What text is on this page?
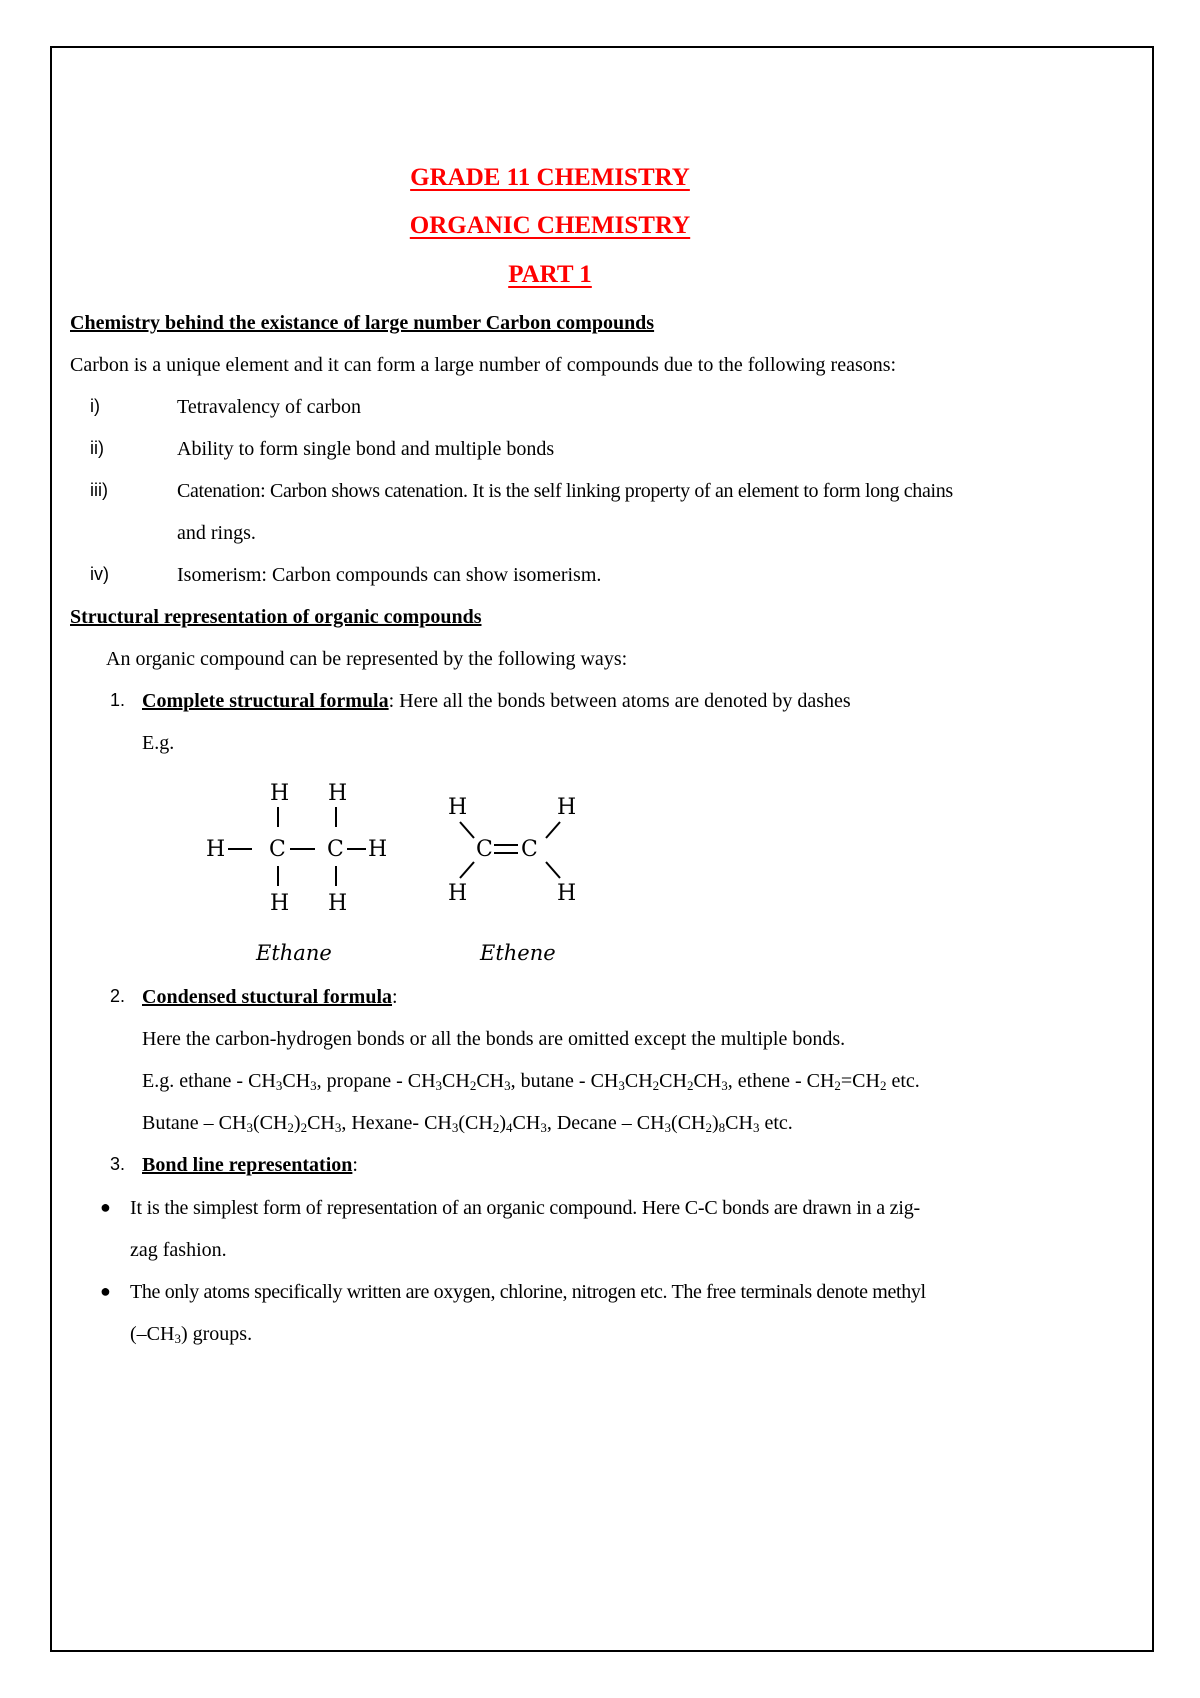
GRADE 11 CHEMISTRY
ORGANIC CHEMISTRY
PART 1
Chemistry behind the existance of large number Carbon compounds
Carbon is a unique element and it can form a large number of compounds due to the following reasons:
i)	Tetravalency of carbon
ii)	Ability to form single bond and multiple bonds
iii)	Catenation: Carbon shows catenation. It is the self linking property of an element to form long chains
and rings.
iv)	Isomerism: Carbon compounds can show isomerism.
Structural representation of organic compounds
An organic compound can be represented by the following ways:
1. Complete structural formula: Here all the bonds between atoms are denoted by dashes
E.g.
H H
H C C H
H H
Ethane
H	H
C C
H	H
Ethene
2. Condensed stuctural formula:
Here the carbon-hydrogen bonds or all the bonds are omitted except the multiple bonds.
E.g. ethane - $CH_3CH_3$, propane - $CH_3CH_2CH_3$, butane - $CH_3CH_2CH_2CH_3$, ethene - $CH_2=CH_2$ etc.
Butane – $CH_3(CH_2)_2CH_3$, Hexane- $CH_3(CH_2)_4CH_3$, Decane – $CH_3(CH_2)_8CH_3$ etc.
3. Bond line representation:
● It is the simplest form of representation of an organic compound. Here C-C bonds are drawn in a zig-
zag fashion.
● The only atoms specifically written are oxygen, chlorine, nitrogen etc. The free terminals denote methyl
$(-CH_3)$ groups.
